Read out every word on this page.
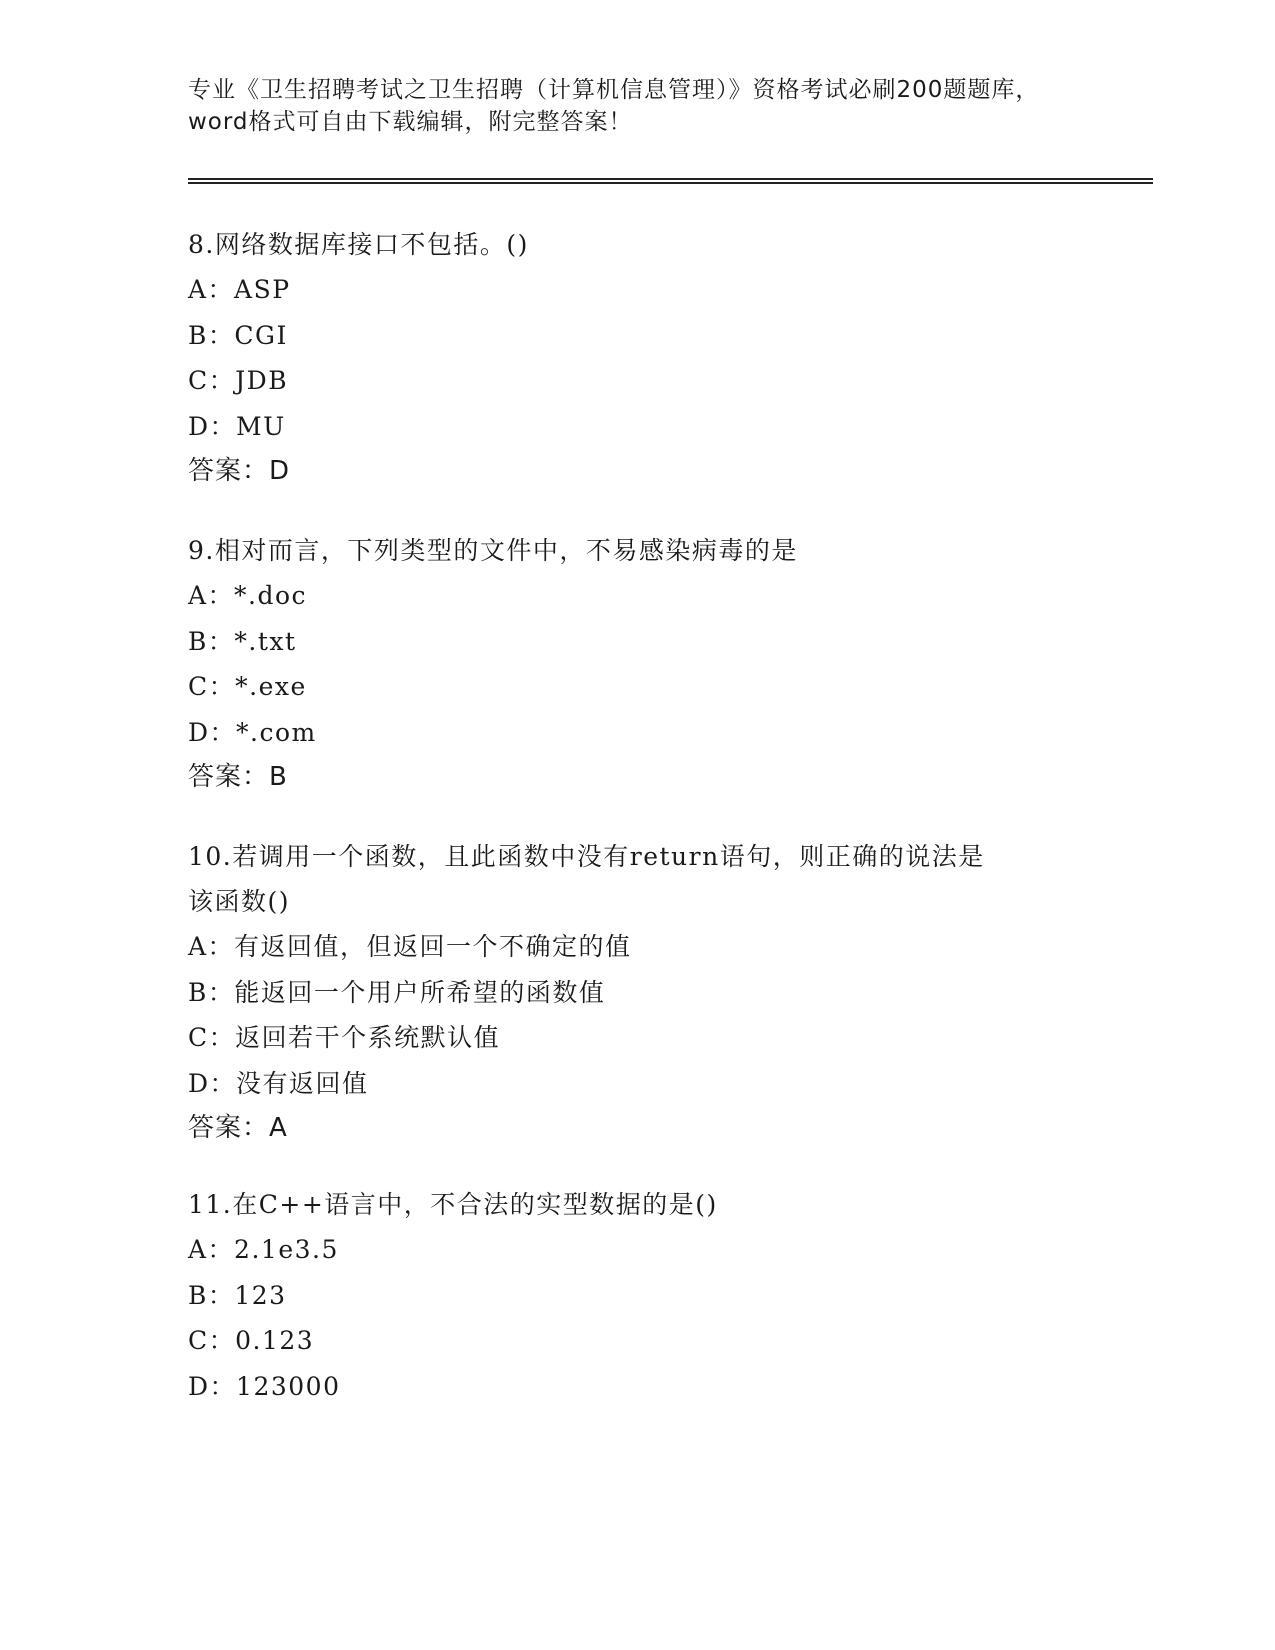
专业《卫生招聘考试之卫生招聘（计算机信息管理）》资格考试必刷200题题库，
word格式可自由下载编辑，附完整答案！

8.网络数据库接口不包括。()

A：ASP

B：CGI

C：JDB

D：MU

答案：D

9.相对而言，下列类型的文件中，不易感染病毒的是

A：*.doc

B：*.txt

C：*.exe

D：*.com

答案：B

10.若调用一个函数，且此函数中没有return语句，则正确的说法是

该函数()

A：有返回值，但返回一个不确定的值

B：能返回一个用户所希望的函数值

C：返回若干个系统默认值

D：没有返回值

答案：A

11.在C++语言中，不合法的实型数据的是()

A：2.1e3.5

B：123

C：0.123

D：123000
